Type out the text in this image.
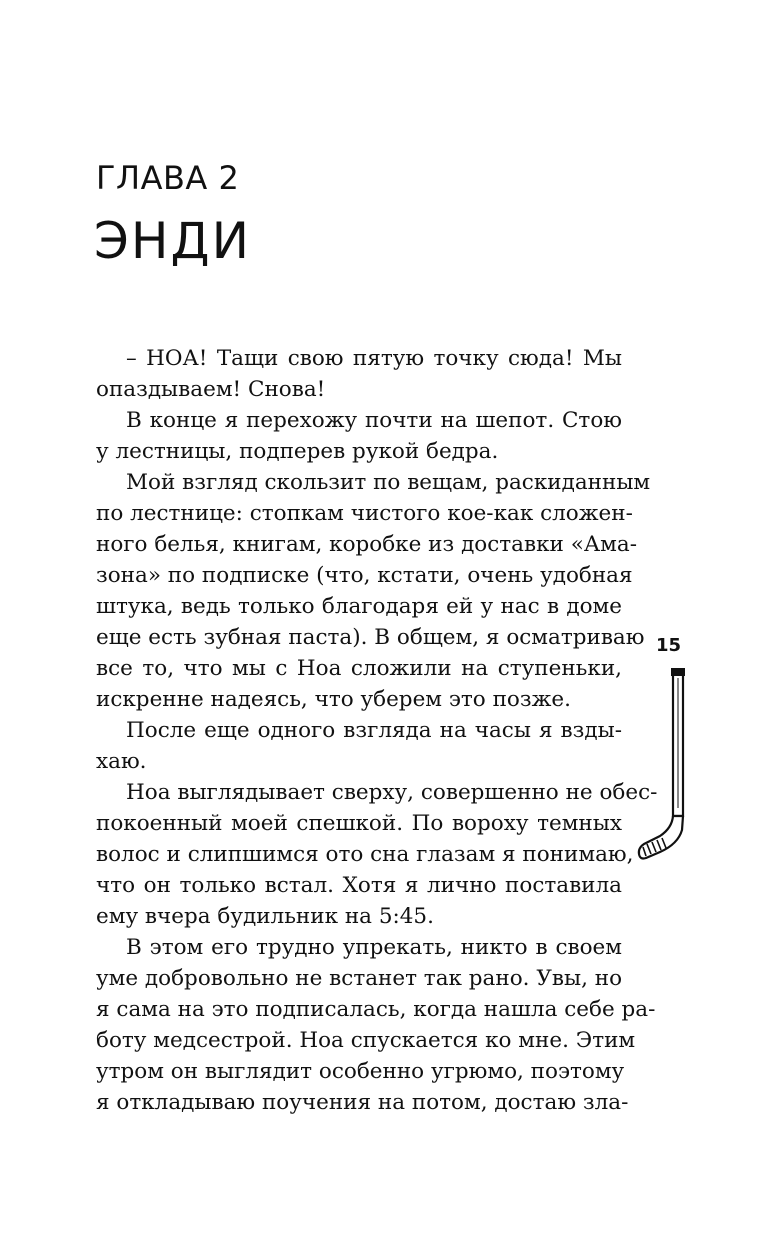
ГЛАВА 2
ЭНДИ
– НОА! Тащи свою пятую точку сюда! Мы
опаздываем! Снова!
В конце я перехожу почти на шепот. Стою
у лестницы, подперев рукой бедра.
Мой взгляд скользит по вещам, раскиданным
по лестнице: стопкам чистого кое-как сложен-
ного белья, книгам, коробке из доставки «Ама-
зона» по подписке (что, кстати, очень удобная
штука, ведь только благодаря ей у нас в доме
еще есть зубная паста). В общем, я осматриваю
все то, что мы с Ноа сложили на ступеньки,
искренне надеясь, что уберем это позже.
После еще одного взгляда на часы я взды-
хаю.
Ноа выглядывает сверху, совершенно не обес-
покоенный моей спешкой. По вороху темных
волос и слипшимся ото сна глазам я понимаю,
что он только встал. Хотя я лично поставила
ему вчера будильник на 5:45.
В этом его трудно упрекать, никто в своем
уме добровольно не встанет так рано. Увы, но
я сама на это подписалась, когда нашла себе ра-
боту медсестрой. Ноа спускается ко мне. Этим
утром он выглядит особенно угрюмо, поэтому
я откладываю поучения на потом, достаю зла-
15
